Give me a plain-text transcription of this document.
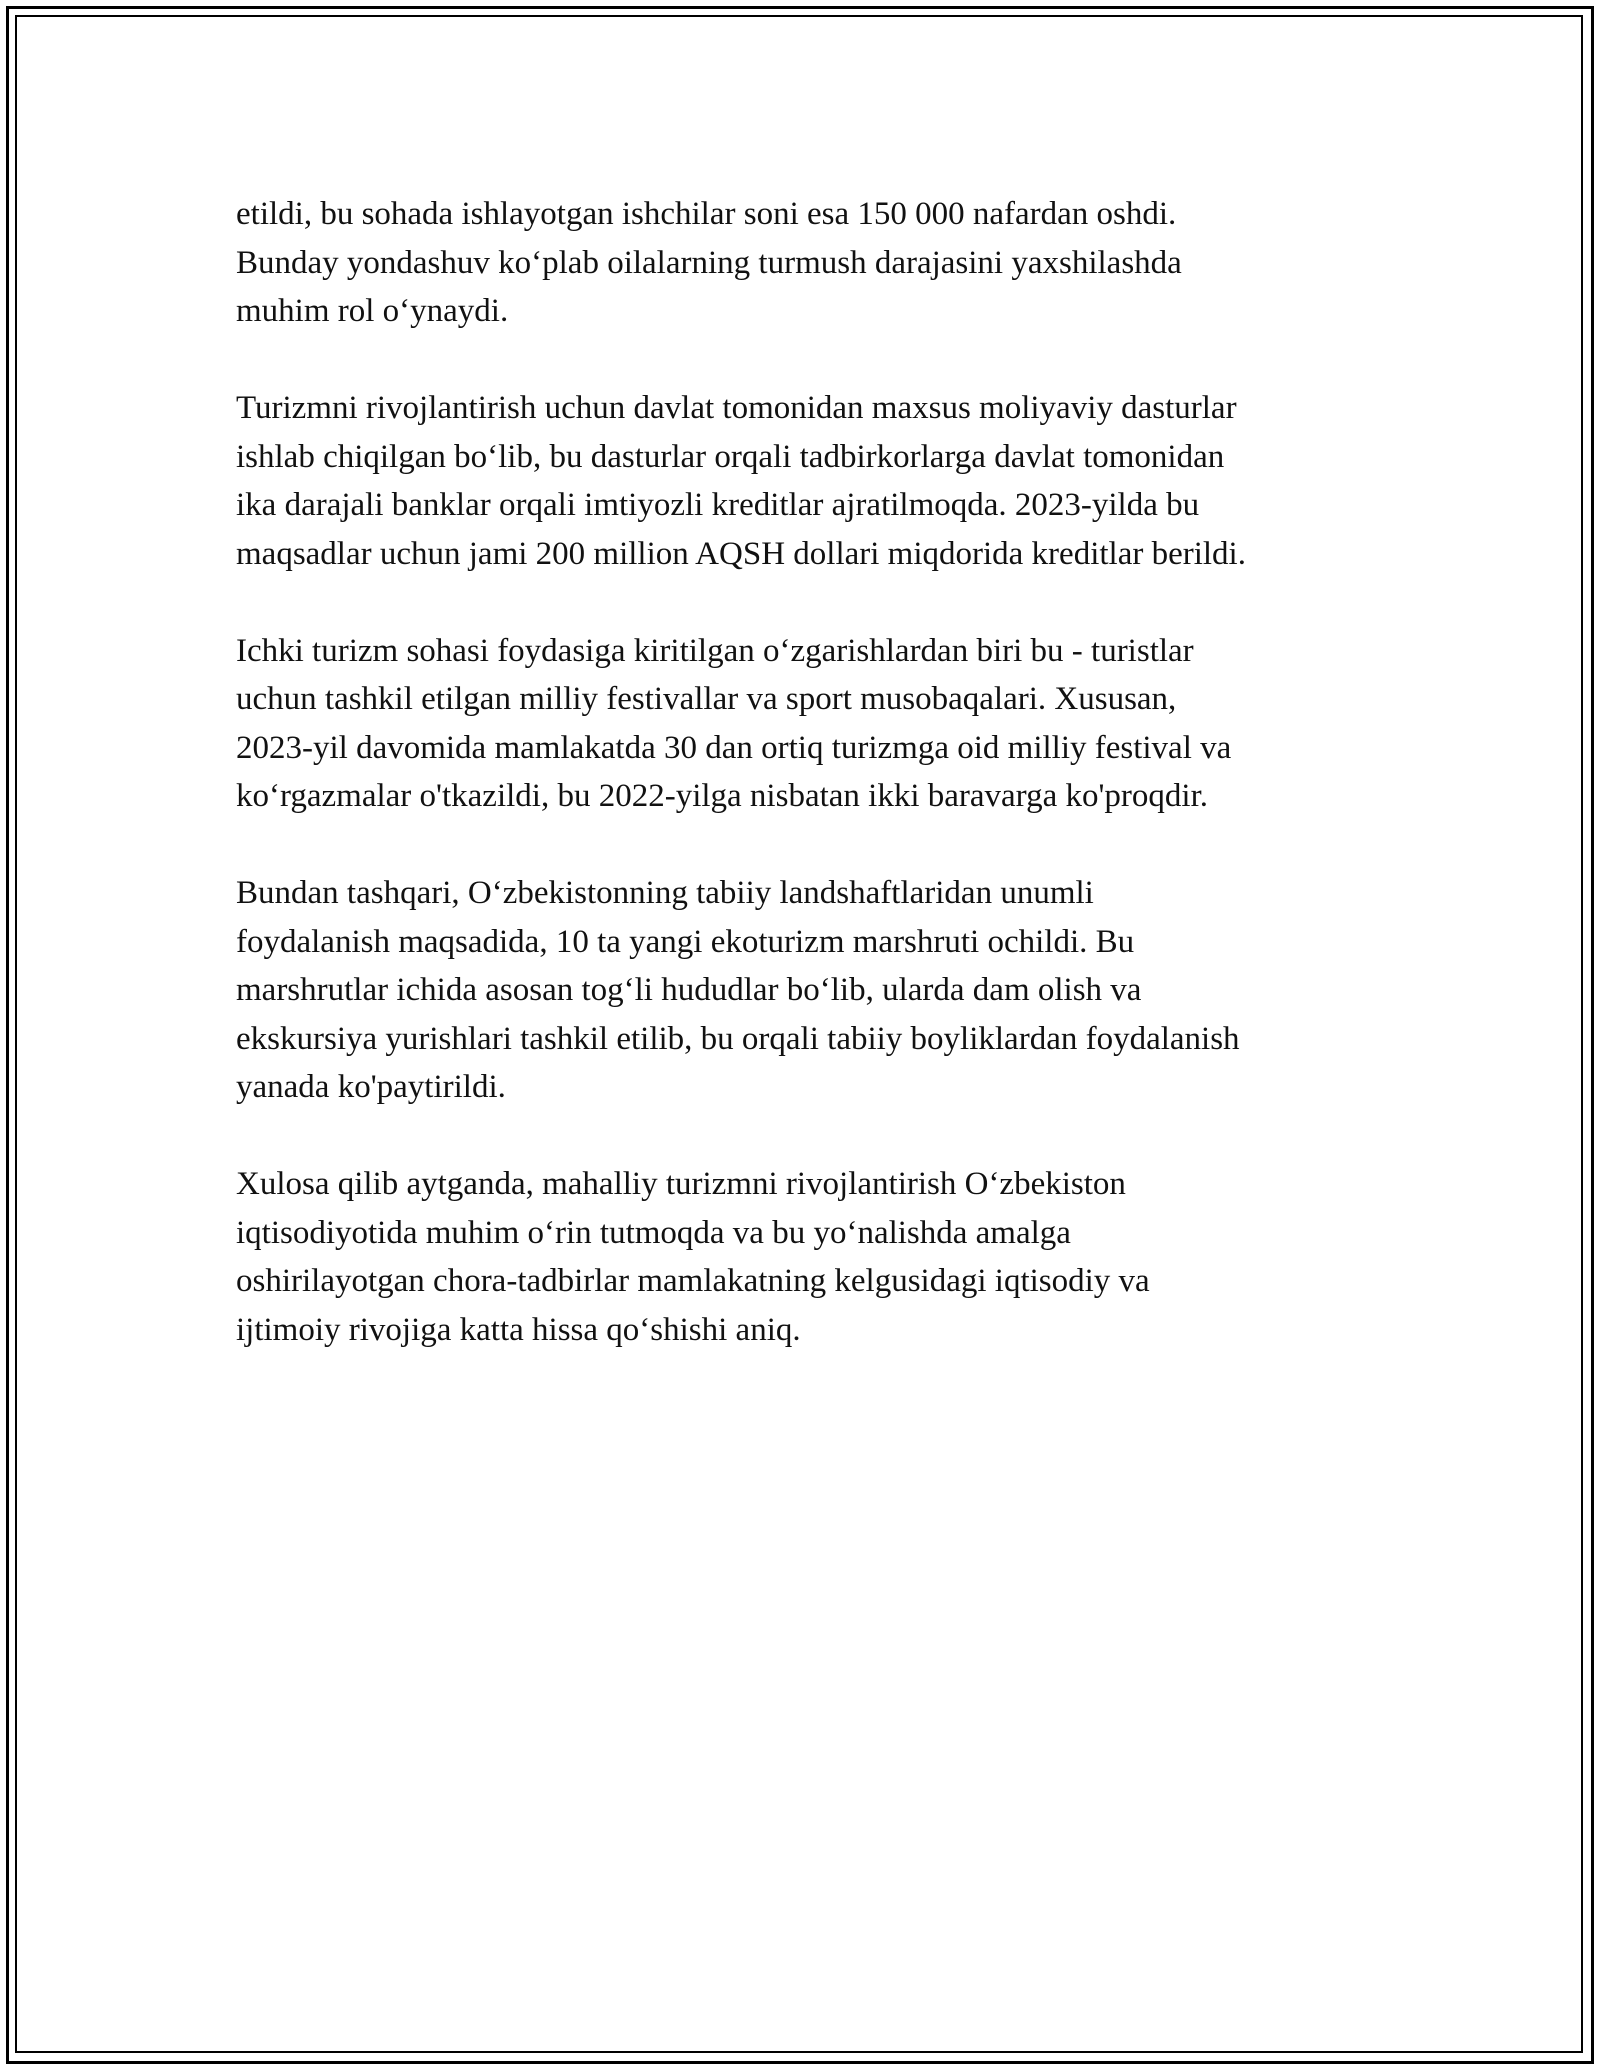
etildi, bu sohada ishlayotgan ishchilar soni esa 150 000 nafardan oshdi.
Bunday yondashuv ko‘plab oilalarning turmush darajasini yaxshilashda
muhim rol o‘ynaydi.

Turizmni rivojlantirish uchun davlat tomonidan maxsus moliyaviy dasturlar
ishlab chiqilgan bo‘lib, bu dasturlar orqali tadbirkorlarga davlat tomonidan
ika darajali banklar orqali imtiyozli kreditlar ajratilmoqda. 2023-yilda bu
maqsadlar uchun jami 200 million AQSH dollari miqdorida kreditlar berildi.

Ichki turizm sohasi foydasiga kiritilgan o‘zgarishlardan biri bu - turistlar
uchun tashkil etilgan milliy festivallar va sport musobaqalari. Xususan,
2023-yil davomida mamlakatda 30 dan ortiq turizmga oid milliy festival va
ko‘rgazmalar o'tkazildi, bu 2022-yilga nisbatan ikki baravarga ko'proqdir.

Bundan tashqari, O‘zbekistonning tabiiy landshaftlaridan unumli
foydalanish maqsadida, 10 ta yangi ekoturizm marshruti ochildi. Bu
marshrutlar ichida asosan tog‘li hududlar bo‘lib, ularda dam olish va
ekskursiya yurishlari tashkil etilib, bu orqali tabiiy boyliklardan foydalanish
yanada ko'paytirildi.

Xulosa qilib aytganda, mahalliy turizmni rivojlantirish O‘zbekiston
iqtisodiyotida muhim o‘rin tutmoqda va bu yo‘nalishda amalga
oshirilayotgan chora-tadbirlar mamlakatning kelgusidagi iqtisodiy va
ijtimoiy rivojiga katta hissa qo‘shishi aniq.
